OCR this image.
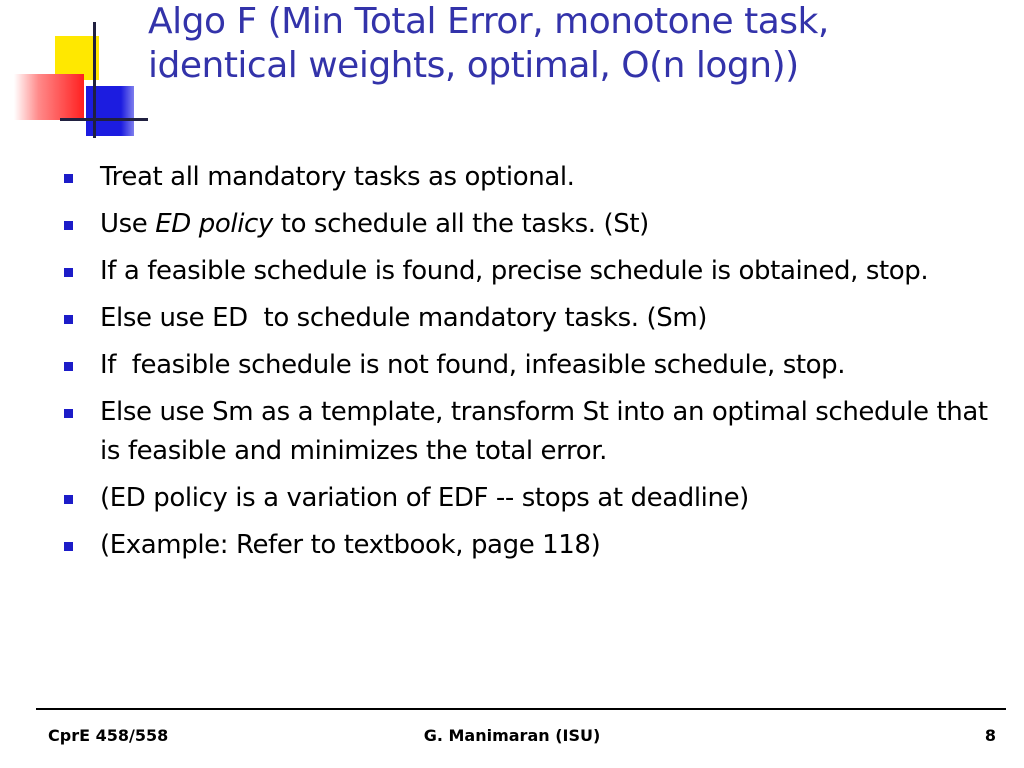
Algo F (Min Total Error, monotone task,
identical weights, optimal, O(n logn))
Treat all mandatory tasks as optional.
Use ED policy to schedule all the tasks. (St)
If a feasible schedule is found, precise schedule is obtained, stop.
Else use ED  to schedule mandatory tasks. (Sm)
If  feasible schedule is not found, infeasible schedule, stop.
Else use Sm as a template, transform St into an optimal schedule that is feasible and minimizes the total error.
(ED policy is a variation of EDF -- stops at deadline)
(Example: Refer to textbook, page 118)
CprE 458/558	G. Manimaran (ISU)	8
